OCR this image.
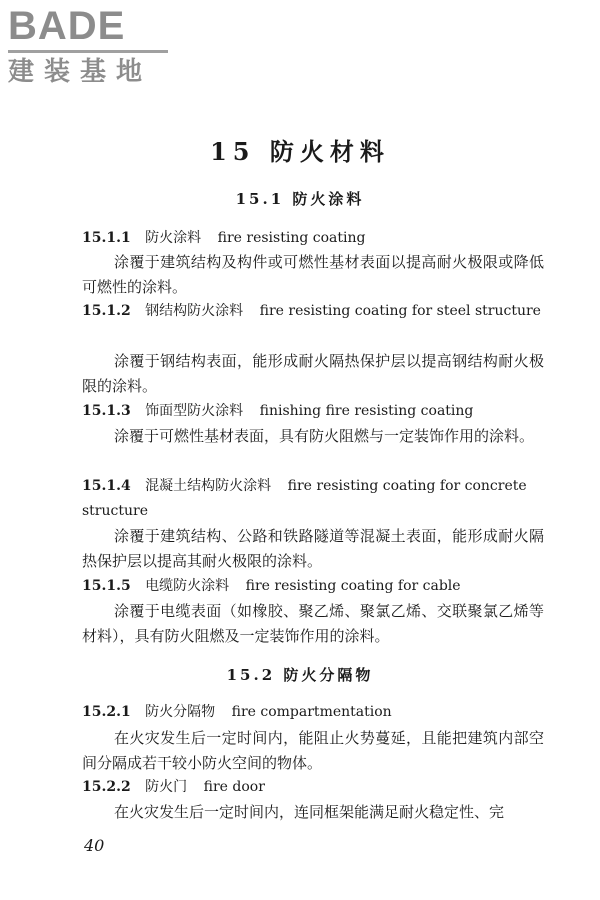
BADE
建装基地
15 防火材料
15.1 防火涂料
15.1.1 防火涂料 fire resisting coating
涂覆于建筑结构及构件或可燃性基材表面以提高耐火极限或降低可燃性的涂料。
15.1.2 钢结构防火涂料 fire resisting coating for steel structure
涂覆于钢结构表面，能形成耐火隔热保护层以提高钢结构耐火极限的涂料。
15.1.3 饰面型防火涂料 finishing fire resisting coating
涂覆于可燃性基材表面，具有防火阻燃与一定装饰作用的涂料。
15.1.4 混凝土结构防火涂料 fire resisting coating for concrete structure
涂覆于建筑结构、公路和铁路隧道等混凝土表面，能形成耐火隔热保护层以提高其耐火极限的涂料。
15.1.5 电缆防火涂料 fire resisting coating for cable
涂覆于电缆表面（如橡胶、聚乙烯、聚氯乙烯、交联聚氯乙烯等材料），具有防火阻燃及一定装饰作用的涂料。
15.2 防火分隔物
15.2.1 防火分隔物 fire compartmentation
在火灾发生后一定时间内，能阻止火势蔓延，且能把建筑内部空间分隔成若干较小防火空间的物体。
15.2.2 防火门 fire door
在火灾发生后一定时间内，连同框架能满足耐火稳定性、完
40
